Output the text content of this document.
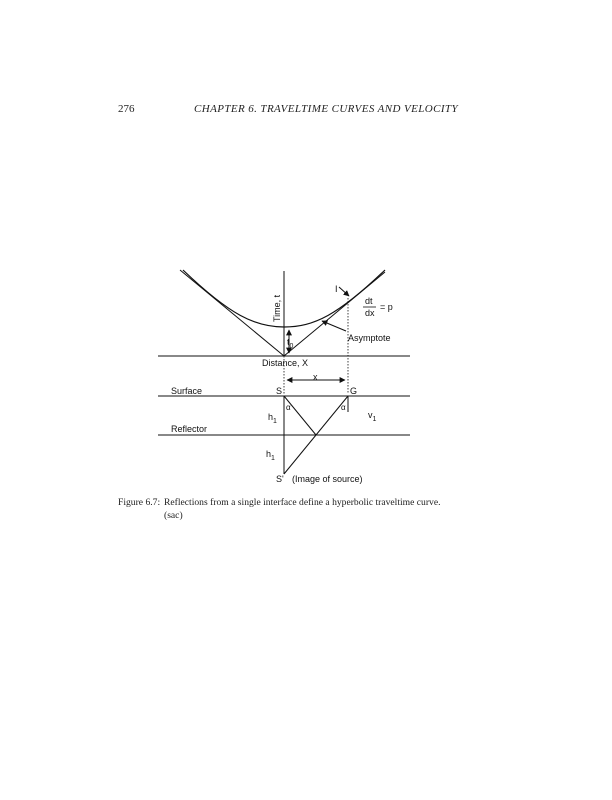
276	CHAPTER 6. TRAVELTIME CURVES AND VELOCITY
$t_0$
Time, t
Distance, X
I
dt
dx
= p
Asymptote
x
Surface	S	G
Reflector
α	α
$h_1$
$h_1$
$v_1$
S' (Image of source)
Figure 6.7: Reflections from a single interface define a hyperbolic traveltime curve.
(sac)
